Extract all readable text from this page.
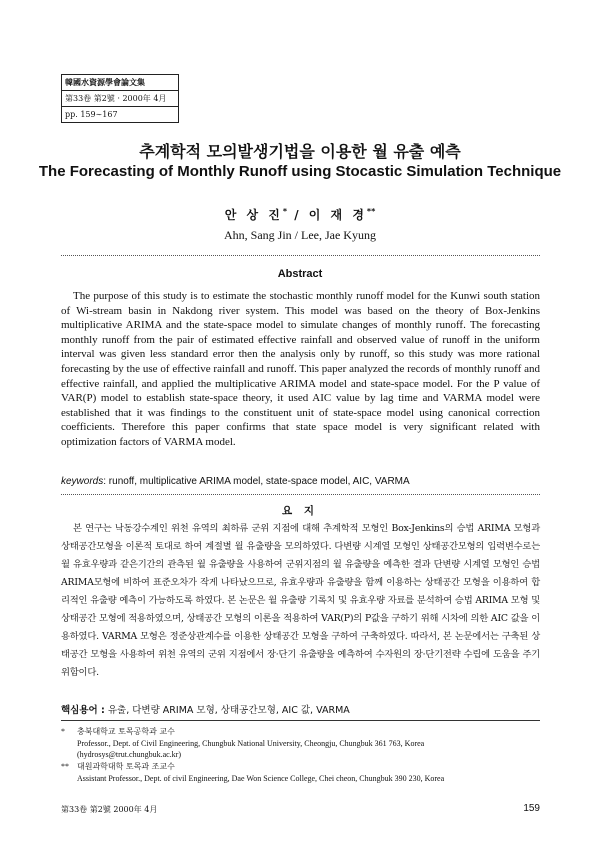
韓國水資源學會論文集
第33卷 第2號 · 2000年 4月
pp. 159∼167
추계학적 모의발생기법을 이용한 월 유출 예측
The Forecasting of Monthly Runoff using Stocastic Simulation Technique
안 상 진* / 이 재 경**
Ahn, Sang Jin / Lee, Jae Kyung
Abstract

The purpose of this study is to estimate the stochastic monthly runoff model for the Kunwi south station of Wi-stream basin in Nakdong river system. This model was based on the theory of Box-Jenkins multiplicative ARIMA and the state-space model to simulate changes of monthly runoff. The forecasting monthly runoff from the pair of estimated effective rainfall and observed value of runoff in the uniform interval was given less standard error then the analysis only by runoff, so this study was more rational forecasting by the use of effective rainfall and runoff. This paper analyzed the records of monthly runoff and effective rainfall, and applied the multiplicative ARIMA model and state-space model. For the P value of VAR(P) model to establish state-space theory, it used AIC value by lag time and VARMA model were established that it was findings to the constituent unit of state-space model using canonical correction coefficients. Therefore this paper confirms that state space model is very significant related with optimization factors of VARMA model.

keywords: runoff, multiplicative ARIMA model, state-space model, AIC, VARMA
요 지

본 연구는 낙동강수계인 위천 유역의 최하류 군위 지점에 대해 추계학적 모형인 Box-Jenkins의 승법 ARIMA 모형과 상태공간모형을 이론적 토대로 하여 계절별 월 유출량을 모의하였다. 다변량 시계열 모형인 상태공간모형의 입력변수로는 월 유효우량과 같은기간의 관측된 월 유출량을 사용하여 군위지점의 월 유출량을 예측한 결과 단변량 시계열 모형인 승법 ARIMA모형에 비하여 표준오차가 작게 나타났으므로, 유효우량과 유출량을 함께 이용하는 상태공간 모형을 이용하여 합리적인 유출량 예측이 가능하도록 하였다. 본 논문은 월 유출량 기록치 및 유효우량 자료를 분석하여 승법 ARIMA 모형 및 상태공간 모형에 적용하였으며, 상태공간 모형의 이론을 적용하여 VAR(P)의 P값을 구하기 위해 시차에 의한 AIC 값을 이용하였다. VARMA 모형은 정준상관계수를 이용한 상태공간 모형을 구하여 구축하였다. 따라서, 본 논문에서는 구축된 상태공간 모형을 사용하여 위천 유역의 군위 지점에서 장·단기 유출량을 예측하여 수자원의 장·단기전략 수립에 도움을 주기 위함이다.

핵심용어 : 유출, 다변량 ARIMA 모형, 상태공간모형, AIC 값, VARMA
*	충북대학교 토목공학과 교수
Professor., Dept. of Civil Engineering, Chungbuk National University, Cheongju, Chungbuk 361 763, Korea
(hydrosys@trut.chungbuk.ac.kr)
**	대원과학대학 토목과 조교수
Assistant Professor., Dept. of civil Engineering, Dae Won Science College, Chei cheon, Chungbuk 390 230, Korea
第33卷 第2號 2000年 4月	159
